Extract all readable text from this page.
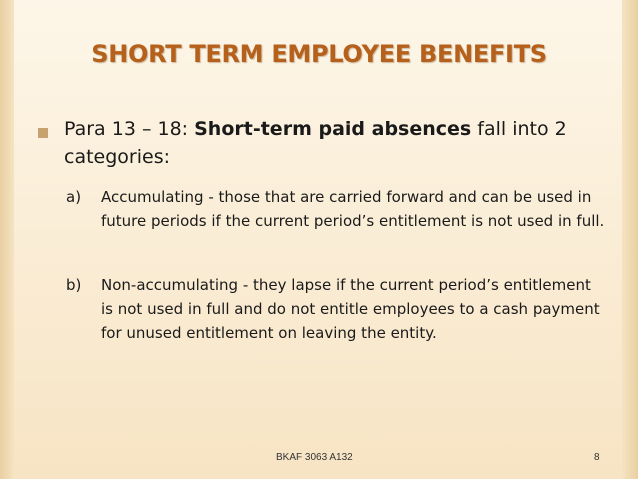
SHORT TERM EMPLOYEE BENEFITS
Para 13 – 18: Short-term paid absences fall into 2 categories:
a) Accumulating - those that are carried forward and can be used in future periods if the current period’s entitlement is not used in full.
b) Non-accumulating - they lapse if the current period’s entitlement is not used in full and do not entitle employees to a cash payment for unused entitlement on leaving the entity.
BKAF 3063 A132	8
